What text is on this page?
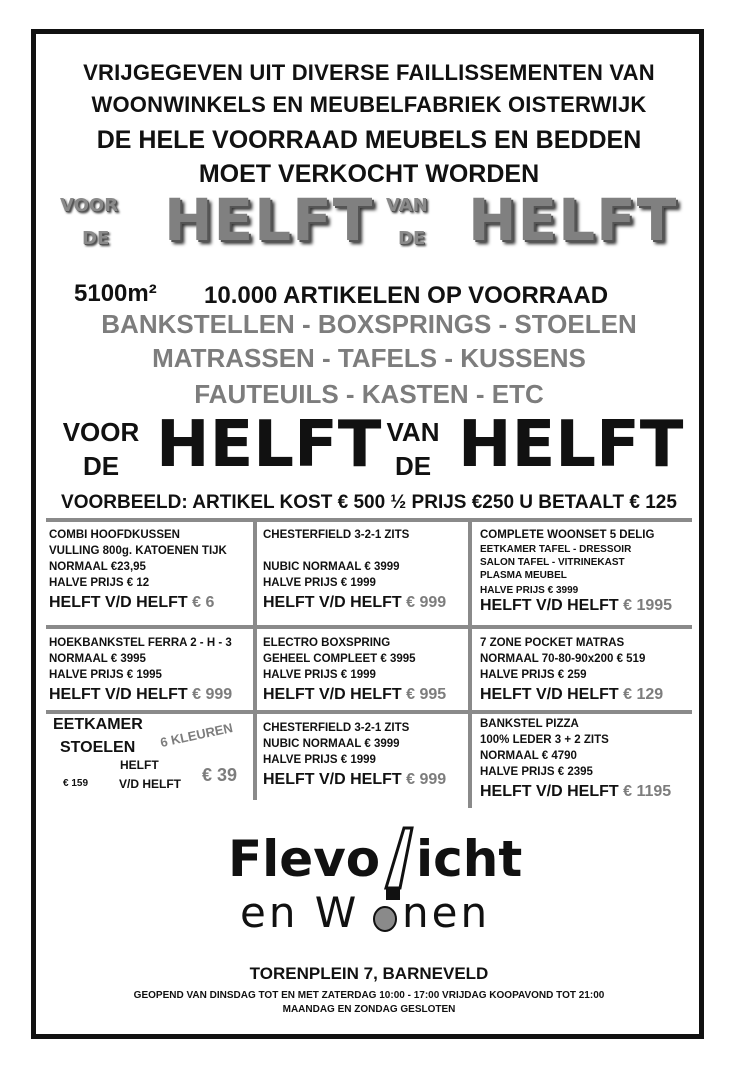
VRIJGEGEVEN UIT DIVERSE FAILLISSEMENTEN VAN
WOONWINKELS EN MEUBELFABRIEK OISTERWIJK
DE HELE VOORRAAD MEUBELS EN BEDDEN
MOET VERKOCHT WORDEN
VOOR
DE HELFT VAN
DE HELFT
5100m² 10.000 ARTIKELEN OP VOORRAAD
BANKSTELLEN - BOXSPRINGS - STOELEN
MATRASSEN - TAFELS - KUSSENS
FAUTEUILS - KASTEN - ETC
VOOR
DE HELFT VAN
DE HELFT
VOORBEELD: ARTIKEL KOST € 500 ½ PRIJS €250 U BETAALT € 125
COMBI HOOFDKUSSEN
VULLING 800g. KATOENEN TIJK
NORMAAL €23,95
HALVE PRIJS € 12
HELFT V/D HELFT € 6
CHESTERFIELD 3-2-1 ZITS
NUBIC NORMAAL € 3999
HALVE PRIJS € 1999
HELFT V/D HELFT € 999
COMPLETE WOONSET 5 DELIG
EETKAMER TAFEL - DRESSOIR
SALON TAFEL - VITRINEKAST
PLASMA MEUBEL
HALVE PRIJS € 3999
HELFT V/D HELFT € 1995
HOEKBANKSTEL FERRA 2 - H - 3
NORMAAL € 3995
HALVE PRIJS € 1995
HELFT V/D HELFT € 999
ELECTRO BOXSPRING
GEHEEL COMPLEET € 3995
HALVE PRIJS € 1999
HELFT V/D HELFT € 995
7 ZONE POCKET MATRAS
NORMAAL 70-80-90x200 € 519
HALVE PRIJS € 259
HELFT V/D HELFT € 129
EETKAMER
STOELEN 6 KLEUREN
HELFT
V/D HELFT
€ 159	€ 39
CHESTERFIELD 3-2-1 ZITS
NUBIC NORMAAL € 3999
HALVE PRIJS € 1999
HELFT V/D HELFT € 999
BANKSTEL PIZZA
100% LEDER 3 + 2 ZITS
NORMAAL € 4790
HALVE PRIJS € 2395
HELFT V/D HELFT € 1195
Flevo icht
en W nen
TORENPLEIN 7, BARNEVELD
GEOPEND VAN DINSDAG TOT EN MET ZATERDAG 10:00 - 17:00 VRIJDAG KOOPAVOND TOT 21:00
MAANDAG EN ZONDAG GESLOTEN
